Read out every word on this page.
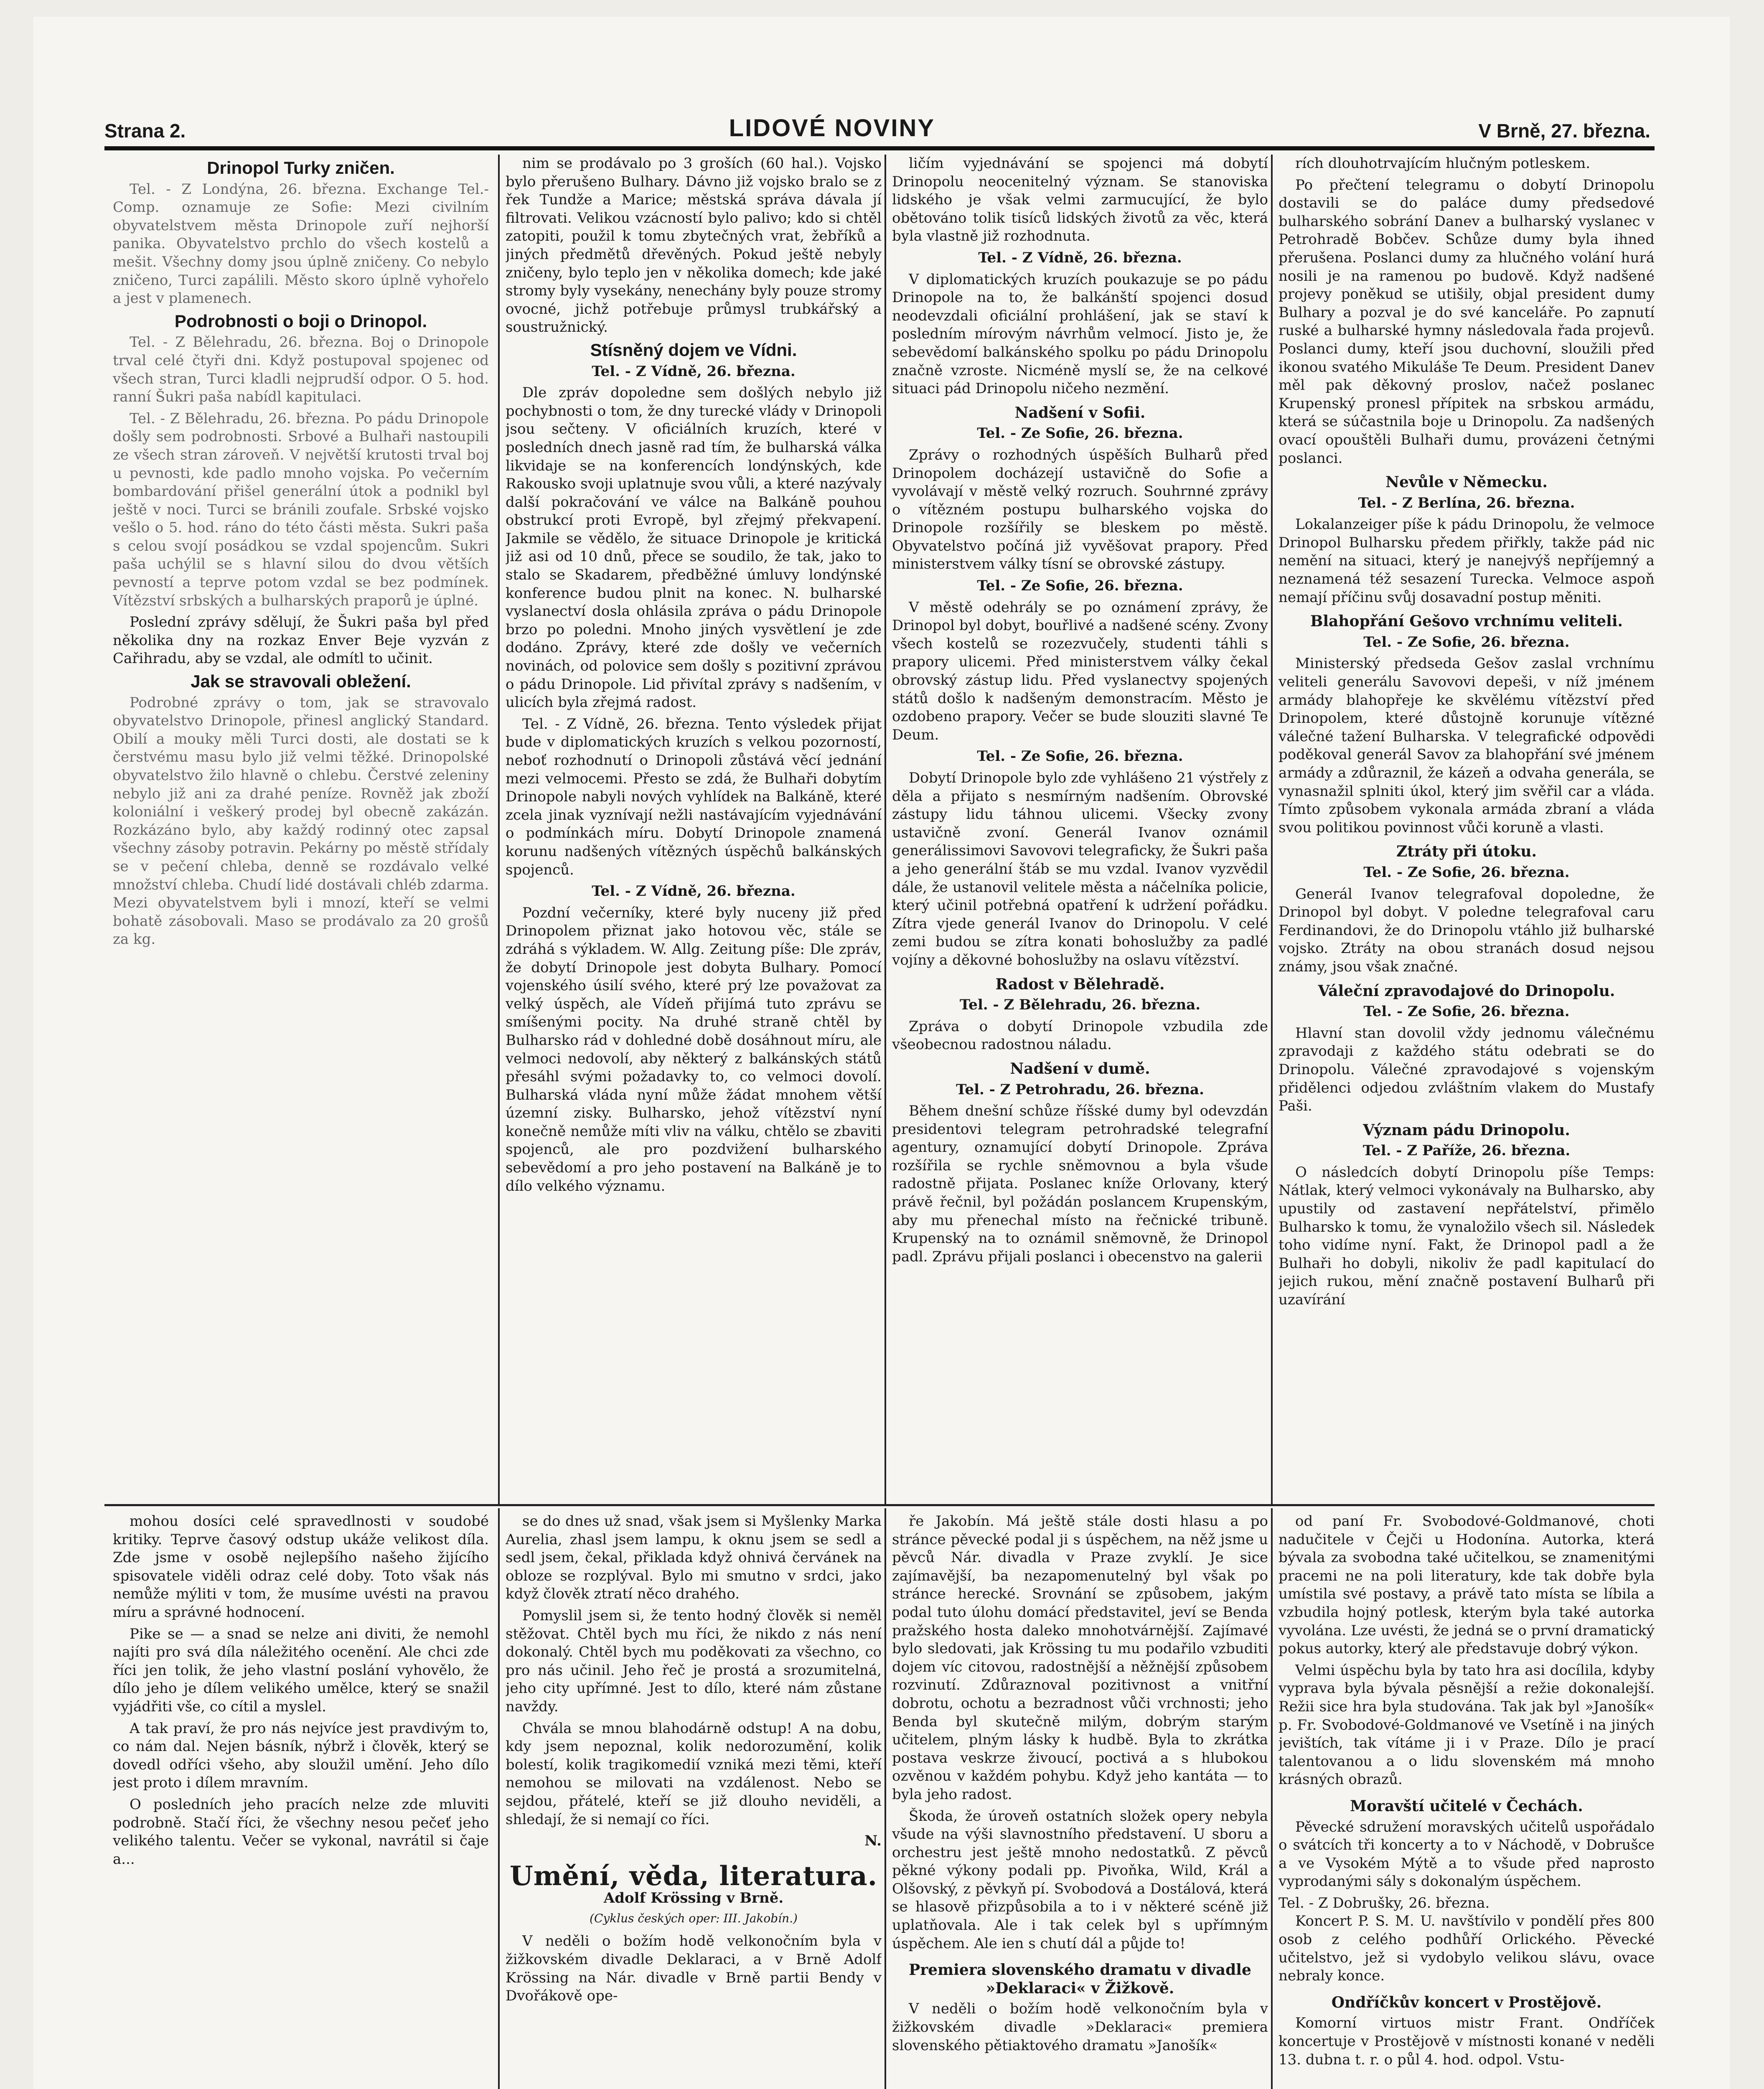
Strana 2.	LIDOVÉ NOVINY	V Brně, 27. března.
Drinopol Turky zničen.

Tel. - Z Londýna, 26. března. Exchange Tel.-Comp. oznamuje ze Sofie: Mezi civilním obyvatelstvem města Drinopole zuří nejhorší panika. Obyvatelstvo prchlo do všech kostelů a mešit. Všechny domy jsou úplně zničeny. Co nebylo zničeno, Turci zapálili. Město skoro úplně vyhořelo a jest v plamenech.

Podrobnosti o boji o Drinopol.

Tel. - Z Bělehradu, 26. března. Boj o Drinopole trval celé čtyři dni. Když postupoval spojenec od všech stran, Turci kladli nejprudší odpor. O 5. hod. ranní Šukri paša nabídl kapitulaci.

Tel. - Z Bělehradu, 26. března. Po pádu Drinopole došly sem podrobnosti. Srbové a Bulhaři nastoupili ze všech stran zároveň. V největší krutosti trval boj u pevnosti, kde padlo mnoho vojska. Po večerním bombardování přišel generální útok a podnikl byl ještě v noci. Turci se bránili zoufale. Srbské vojsko vešlo o 5. hod. ráno do této části města. Sukri paša s celou svojí posádkou se vzdal spojencům. Sukri paša uchýlil se s hlavní silou do dvou větších pevností a teprve potom vzdal se bez podmínek. Vítězství srbských a bulharských praporů je úplné.

Poslední zprávy sdělují, že Šukri paša byl před několika dny na rozkaz Enver Beje vyzván z Cařihradu, aby se vzdal, ale odmítl to učinit.

Jak se stravovali obležení.

Podrobné zprávy o tom, jak se stravovalo obyvatelstvo Drinopole, přinesl anglický Standard. Obilí a mouky měli Turci dosti, ale dostati se k čerstvému masu bylo již velmi těžké. Drinopolské obyvatelstvo žilo hlavně o chlebu. Čerstvé zeleniny nebylo již ani za drahé peníze. Rovněž jak zboží koloniální i veškerý prodej byl obecně zakázán. Rozkázáno bylo, aby každý rodinný otec zapsal všechny zásoby potravin. Pekárny po městě střídaly se v pečení chleba, denně se rozdávalo velké množství chleba. Chudí lidé dostávali chléb zdarma. Mezi obyvatelstvem byli i mnozí, kteří se velmi bohatě zásobovali. Maso se prodávalo za 20 grošů za kg.

nim se prodávalo po 3 groších (60 hal.). Vojsko bylo přerušeno Bulhary. Dávno již vojsko bralo se z řek Tundže a Marice; městská správa dávala jí filtrovati. Velikou vzácností bylo palivo; kdo si chtěl zatopiti, použil k tomu zbytečných vrat, žebříků a jiných předmětů dřevěných. Pokud ještě nebyly zničeny, bylo teplo jen v několika domech; kde jaké stromy byly vysekány, nenechány byly pouze stromy ovocné, jichž potřebuje průmysl trubkářský a soustružnický.

Stísněný dojem ve Vídni.
Tel. - Z Vídně, 26. března.

Dle zpráv dopoledne sem došlých nebylo již pochybnosti o tom, že dny turecké vlády v Drinopoli jsou sečteny. V oficiálních kruzích, které v posledních dnech jasně rad tím, že bulharská válka likvidaje se na konferencích londýnských, kde Rakousko svoji uplatnuje svou vůli, a které nazývaly další pokračování ve válce na Balkáně pouhou obstrukcí proti Evropě, byl zřejmý překvapení. Jakmile se vědělo, že situace Drinopole je kritická již asi od 10 dnů, přece se soudilo, že tak, jako to stalo se Skadarem, předběžné úmluvy londýnské konference budou plnit na konec. N. bulharské vyslanectví dosla ohlásila zpráva o pádu Drinopole brzo po poledni. Mnoho jiných vysvětlení je zde dodáno. Zprávy, které zde došly ve večerních novinách, od polovice sem došly s pozitivní zprávou o pádu Drinopole. Lid přivítal zprávy s nadšením, v ulicích byla zřejmá radost.

Tel. - Z Vídně, 26. března. Tento výsledek přijat bude v diplomatických kruzích s velkou pozorností, neboť rozhodnutí o Drinopoli zůstává věcí jednání mezi velmocemi. Přesto se zdá, že Bulhaři dobytím Drinopole nabyli nových vyhlídek na Balkáně, které zcela jinak vyznívají nežli nastávajícím vyjednávání o podmínkách míru. Dobytí Drinopole znamená korunu nadšených vítězných úspěchů balkánských spojenců.

Tel. - Z Vídně, 26. března.

Pozdní večerníky, které byly nuceny již před Drinopolem přiznat jako hotovou věc, stále se zdráhá s výkladem. W. Allg. Zeitung píše: Dle zpráv, že dobytí Drinopole jest dobyta Bulhary. Pomocí vojenského úsilí svého, které prý lze považovat za velký úspěch, ale Vídeň přijímá tuto zprávu se smíšenými pocity. Na druhé straně chtěl by Bulharsko rád v dohledné době dosáhnout míru, ale velmoci nedovolí, aby některý z balkánských států přesáhl svými požadavky to, co velmoci dovolí. Bulharská vláda nyní může žádat mnohem větší územní zisky. Bulharsko, jehož vítězství nyní konečně nemůže míti vliv na válku, chtělo se zbaviti spojenců, ale pro pozdvižení bulharského sebevědomí a pro jeho postavení na Balkáně je to dílo velkého významu.

ličím vyjednávání se spojenci má dobytí Drinopolu neocenitelný význam. Se stanoviska lidského je však velmi zarmucující, že bylo obětováno tolik tisíců lidských životů za věc, která byla vlastně již rozhodnuta.

Tel. - Z Vídně, 26. března.

V diplomatických kruzích poukazuje se po pádu Drinopole na to, že balkánští spojenci dosud neodevzdali oficiální prohlášení, jak se staví k posledním mírovým návrhům velmocí. Jisto je, že sebevědomí balkánského spolku po pádu Drinopolu značně vzroste. Nicméně myslí se, že na celkové situaci pád Drinopolu ničeho nezmění.

Nadšení v Sofii.
Tel. - Ze Sofie, 26. března.

Zprávy o rozhodných úspěších Bulharů před Drinopolem docházejí ustavičně do Sofie a vyvolávají v městě velký rozruch. Souhrnné zprávy o vítězném postupu bulharského vojska do Drinopole rozšířily se bleskem po městě. Obyvatelstvo počíná již vyvěšovat prapory. Před ministerstvem války tísní se obrovské zástupy.

Tel. - Ze Sofie, 26. března.

V městě odehrály se po oznámení zprávy, že Drinopol byl dobyt, bouřlivé a nadšené scény. Zvony všech kostelů se rozezvučely, studenti táhli s prapory ulicemi. Před ministerstvem války čekal obrovský zástup lidu. Před vyslanectvy spojených států došlo k nadšeným demonstracím. Město je ozdobeno prapory. Večer se bude slouziti slavné Te Deum.

Tel. - Ze Sofie, 26. března.

Dobytí Drinopole bylo zde vyhlášeno 21 výstřely z děla a přijato s nesmírným nadšením. Obrovské zástupy lidu táhnou ulicemi. Všecky zvony ustavičně zvoní. Generál Ivanov oznámil generálissimovi Savovovi telegraficky, že Šukri paša a jeho generální štáb se mu vzdal. Ivanov vyzvědil dále, že ustanovil velitele města a náčelníka policie, který učinil potřebná opatření k udržení pořádku. Zítra vjede generál Ivanov do Drinopolu. V celé zemi budou se zítra konati bohoslužby za padlé vojíny a děkovné bohoslužby na oslavu vítězství.

Radost v Bělehradě.
Tel. - Z Bělehradu, 26. března.

Zpráva o dobytí Drinopole vzbudila zde všeobecnou radostnou náladu.

Nadšení v dumě.
Tel. - Z Petrohradu, 26. března.

Během dnešní schůze říšské dumy byl odevzdán presidentovi telegram petrohradské telegrafní agentury, oznamující dobytí Drinopole. Zpráva rozšířila se rychle sněmovnou a byla všude radostně přijata. Poslanec kníže Orlovany, který právě řečnil, byl požádán poslancem Krupenským, aby mu přenechal místo na řečnické tribuně. Krupenský na to oznámil sněmovně, že Drinopol padl. Zprávu přijali poslanci i obecenstvo na galerii

rích dlouhotrvajícím hlučným potleskem.

Po přečtení telegramu o dobytí Drinopolu dostavili se do paláce dumy předsedové bulharského sobrání Danev a bulharský vyslanec v Petrohradě Bobčev. Schůze dumy byla ihned přerušena. Poslanci dumy za hlučného volání hurá nosili je na ramenou po budově. Když nadšené projevy poněkud se utišily, objal president dumy Bulhary a pozval je do své kanceláře. Po zapnutí ruské a bulharské hymny následovala řada projevů. Poslanci dumy, kteří jsou duchovní, sloužili před ikonou svatého Mikuláše Te Deum. President Danev měl pak děkovný proslov, načež poslanec Krupenský pronesl přípitek na srbskou armádu, která se súčastnila boje u Drinopolu. Za nadšených ovací opouštěli Bulhaři dumu, provázeni četnými poslanci.

Nevůle v Německu.
Tel. - Z Berlína, 26. března.

Lokalanzeiger píše k pádu Drinopolu, že velmoce Drinopol Bulharsku předem přiřkly, takže pád nic nemění na situaci, který je nanejvýš nepříjemný a neznamená též sesazení Turecka. Velmoce aspoň nemají příčinu svůj dosavadní postup měniti.

Blahopřání Gešovo vrchnímu veliteli.
Tel. - Ze Sofie, 26. března.

Ministerský předseda Gešov zaslal vrchnímu veliteli generálu Savovovi depeši, v níž jménem armády blahopřeje ke skvělému vítězství před Drinopolem, které důstojně korunuje vítězné válečné tažení Bulharska. V telegrafické odpovědi poděkoval generál Savov za blahopřání své jménem armády a zdůraznil, že kázeň a odvaha generála, se vynasnažil splniti úkol, který jim svěřil car a vláda. Tímto způsobem vykonala armáda zbraní a vláda svou politikou povinnost vůči koruně a vlasti.

Ztráty při útoku.
Tel. - Ze Sofie, 26. března.

Generál Ivanov telegrafoval dopoledne, že Drinopol byl dobyt. V poledne telegrafoval caru Ferdinandovi, že do Drinopolu vtáhlo již bulharské vojsko. Ztráty na obou stranách dosud nejsou známy, jsou však značné.

Váleční zpravodajové do Drinopolu.
Tel. - Ze Sofie, 26. března.

Hlavní stan dovolil vždy jednomu válečnému zpravodaji z každého státu odebrati se do Drinopolu. Válečné zpravodajové s vojenským přidělenci odjedou zvláštním vlakem do Mustafy Paši.

Význam pádu Drinopolu.
Tel. - Z Paříže, 26. března.

O následcích dobytí Drinopolu píše Temps: Nátlak, který velmoci vykonávaly na Bulharsko, aby upustily od zastavení nepřátelství, přimělo Bulharsko k tomu, že vynaložilo všech sil. Následek toho vidíme nyní. Fakt, že Drinopol padl a že Bulhaři ho dobyli, nikoliv že padl kapitulací do jejich rukou, mění značně postavení Bulharů při uzavírání

mohou dosíci celé spravedlnosti v soudobé kritiky. Teprve časový odstup ukáže velikost díla. Zde jsme v osobě nejlepšího našeho žijícího spisovatele viděli odraz celé doby. Toto však nás nemůže mýliti v tom, že musíme uvésti na pravou míru a správné hodnocení.

Pike se — a snad se nelze ani diviti, že nemohl najíti pro svá díla náležitého ocenění. Ale chci zde říci jen tolik, že jeho vlastní poslání vyhovělo, že dílo jeho je dílem velikého umělce, který se snažil vyjádřiti vše, co cítil a myslel.

A tak praví, že pro nás nejvíce jest pravdivým to, co nám dal. Nejen básník, nýbrž i člověk, který se dovedl odříci všeho, aby sloužil umění. Jeho dílo jest proto i dílem mravním.

O posledních jeho pracích nelze zde mluviti podrobně. Stačí říci, že všechny nesou pečeť jeho velikého talentu. Večer se vykonal, navrátil si čaje a...

se do dnes už snad, však jsem si Myšlenky Marka Aurelia, zhasl jsem lampu, k oknu jsem se sedl a sedl jsem, čekal, přiklada když ohnivá červánek na obloze se rozplýval. Bylo mi smutno v srdci, jako když člověk ztratí něco drahého.

Pomyslil jsem si, že tento hodný člověk si neměl stěžovat. Chtěl bych mu říci, že nikdo z nás není dokonalý. Chtěl bych mu poděkovati za všechno, co pro nás učinil. Jeho řeč je prostá a srozumitelná, jeho city upřímné. Jest to dílo, které nám zůstane navždy.

Chvála se mnou blahodárně odstup! A na dobu, kdy jsem nepoznal, kolik nedorozumění, kolik bolestí, kolik tragikomedií vzniká mezi těmi, kteří nemohou se milovati na vzdálenost. Nebo se sejdou, přátelé, kteří se již dlouho neviděli, a shledají, že si nemají co říci.

N.
Umění, věda, literatura.
Adolf Krössing v Brně.
(Cyklus českých oper: III. Jakobín.)

V neděli o božím hodě velkonočním byla v žižkovském divadle Deklaraci, a v Brně Adolf Krössing na Nár. divadle v Brně partii Bendy v Dvořákově ope-

ře Jakobín. Má ještě stále dosti hlasu a po stránce pěvecké podal ji s úspěchem, na něž jsme u pěvců Nár. divadla v Praze zvyklí. Je sice zajímavější, ba nezapomenutelný byl však po stránce herecké. Srovnání se způsobem, jakým podal tuto úlohu domácí představitel, jeví se Benda pražského hosta daleko mnohotvárnější. Zajímavé bylo sledovati, jak Krössing tu mu podařilo vzbuditi dojem víc citovou, radostnější a něžnější způsobem rozvinutí. Zdůraznoval pozitivnost a vnitřní dobrotu, ochotu a bezradnost vůči vrchnosti; jeho Benda byl skutečně milým, dobrým starým učitelem, plným lásky k hudbě. Byla to zkrátka postava veskrze živoucí, poctivá a s hlubokou ozvěnou v každém pohybu. Když jeho kantáta — to byla jeho radost.

Škoda, že úroveň ostatních složek opery nebyla všude na výši slavnostního představení. U sboru a orchestru jest ještě mnoho nedostatků. Z pěvců pěkné výkony podali pp. Pivoňka, Wild, Král a Olšovský, z pěvkyň pí. Svobodová a Dostálová, která se hlasově přizpůsobila a to i v některé scéně již uplatňovala. Ale i tak celek byl s upřímným úspěchem. Ale ien s chutí dál a půjde to!

Premiera slovenského dramatu v divadle »Deklaraci« v Žižkově.

V neděli o božím hodě velkonočním byla v žižkovském divadle »Deklaraci« premiera slovenského pětiaktového dramatu »Janošík«

od paní Fr. Svobodové-Goldmanové, choti nadučitele v Čejči u Hodonína. Autorka, která bývala za svobodna také učitelkou, se znamenitými pracemi ne na poli literatury, kde tak dobře byla umístila své postavy, a právě tato místa se líbila a vzbudila hojný potlesk, kterým byla také autorka vyvolána. Lze uvésti, že jedná se o první dramatický pokus autorky, který ale představuje dobrý výkon.

Velmi úspěchu byla by tato hra asi docílila, kdyby vyprava byla bývala pěsnější a režie dokonalejší. Režii sice hra byla studována. Tak jak byl »Janošík« p. Fr. Svobodové-Goldmanové ve Vsetíně i na jiných jevištích, tak vítáme ji i v Praze. Dílo je prací talentovanou a o lidu slovenském má mnoho krásných obrazů.

Moravští učitelé v Čechách.

Pěvecké sdružení moravských učitelů uspořádalo o svátcích tři koncerty a to v Náchodě, v Dobrušce a ve Vysokém Mýtě a to všude před naprosto vyprodanými sály s dokonalým úspěchem.

Tel. - Z Dobrušky, 26. března.

Koncert P. S. M. U. navštívilo v pondělí přes 800 osob z celého podhůří Orlického. Pěvecké učitelstvo, jež si vydobylo velikou slávu, ovace nebraly konce.

Ondříčkův koncert v Prostějově.

Komorní virtuos mistr Frant. Ondříček koncertuje v Prostějově v místnosti konané v neděli 13. dubna t. r. o půl 4. hod. odpol. Vstu-
